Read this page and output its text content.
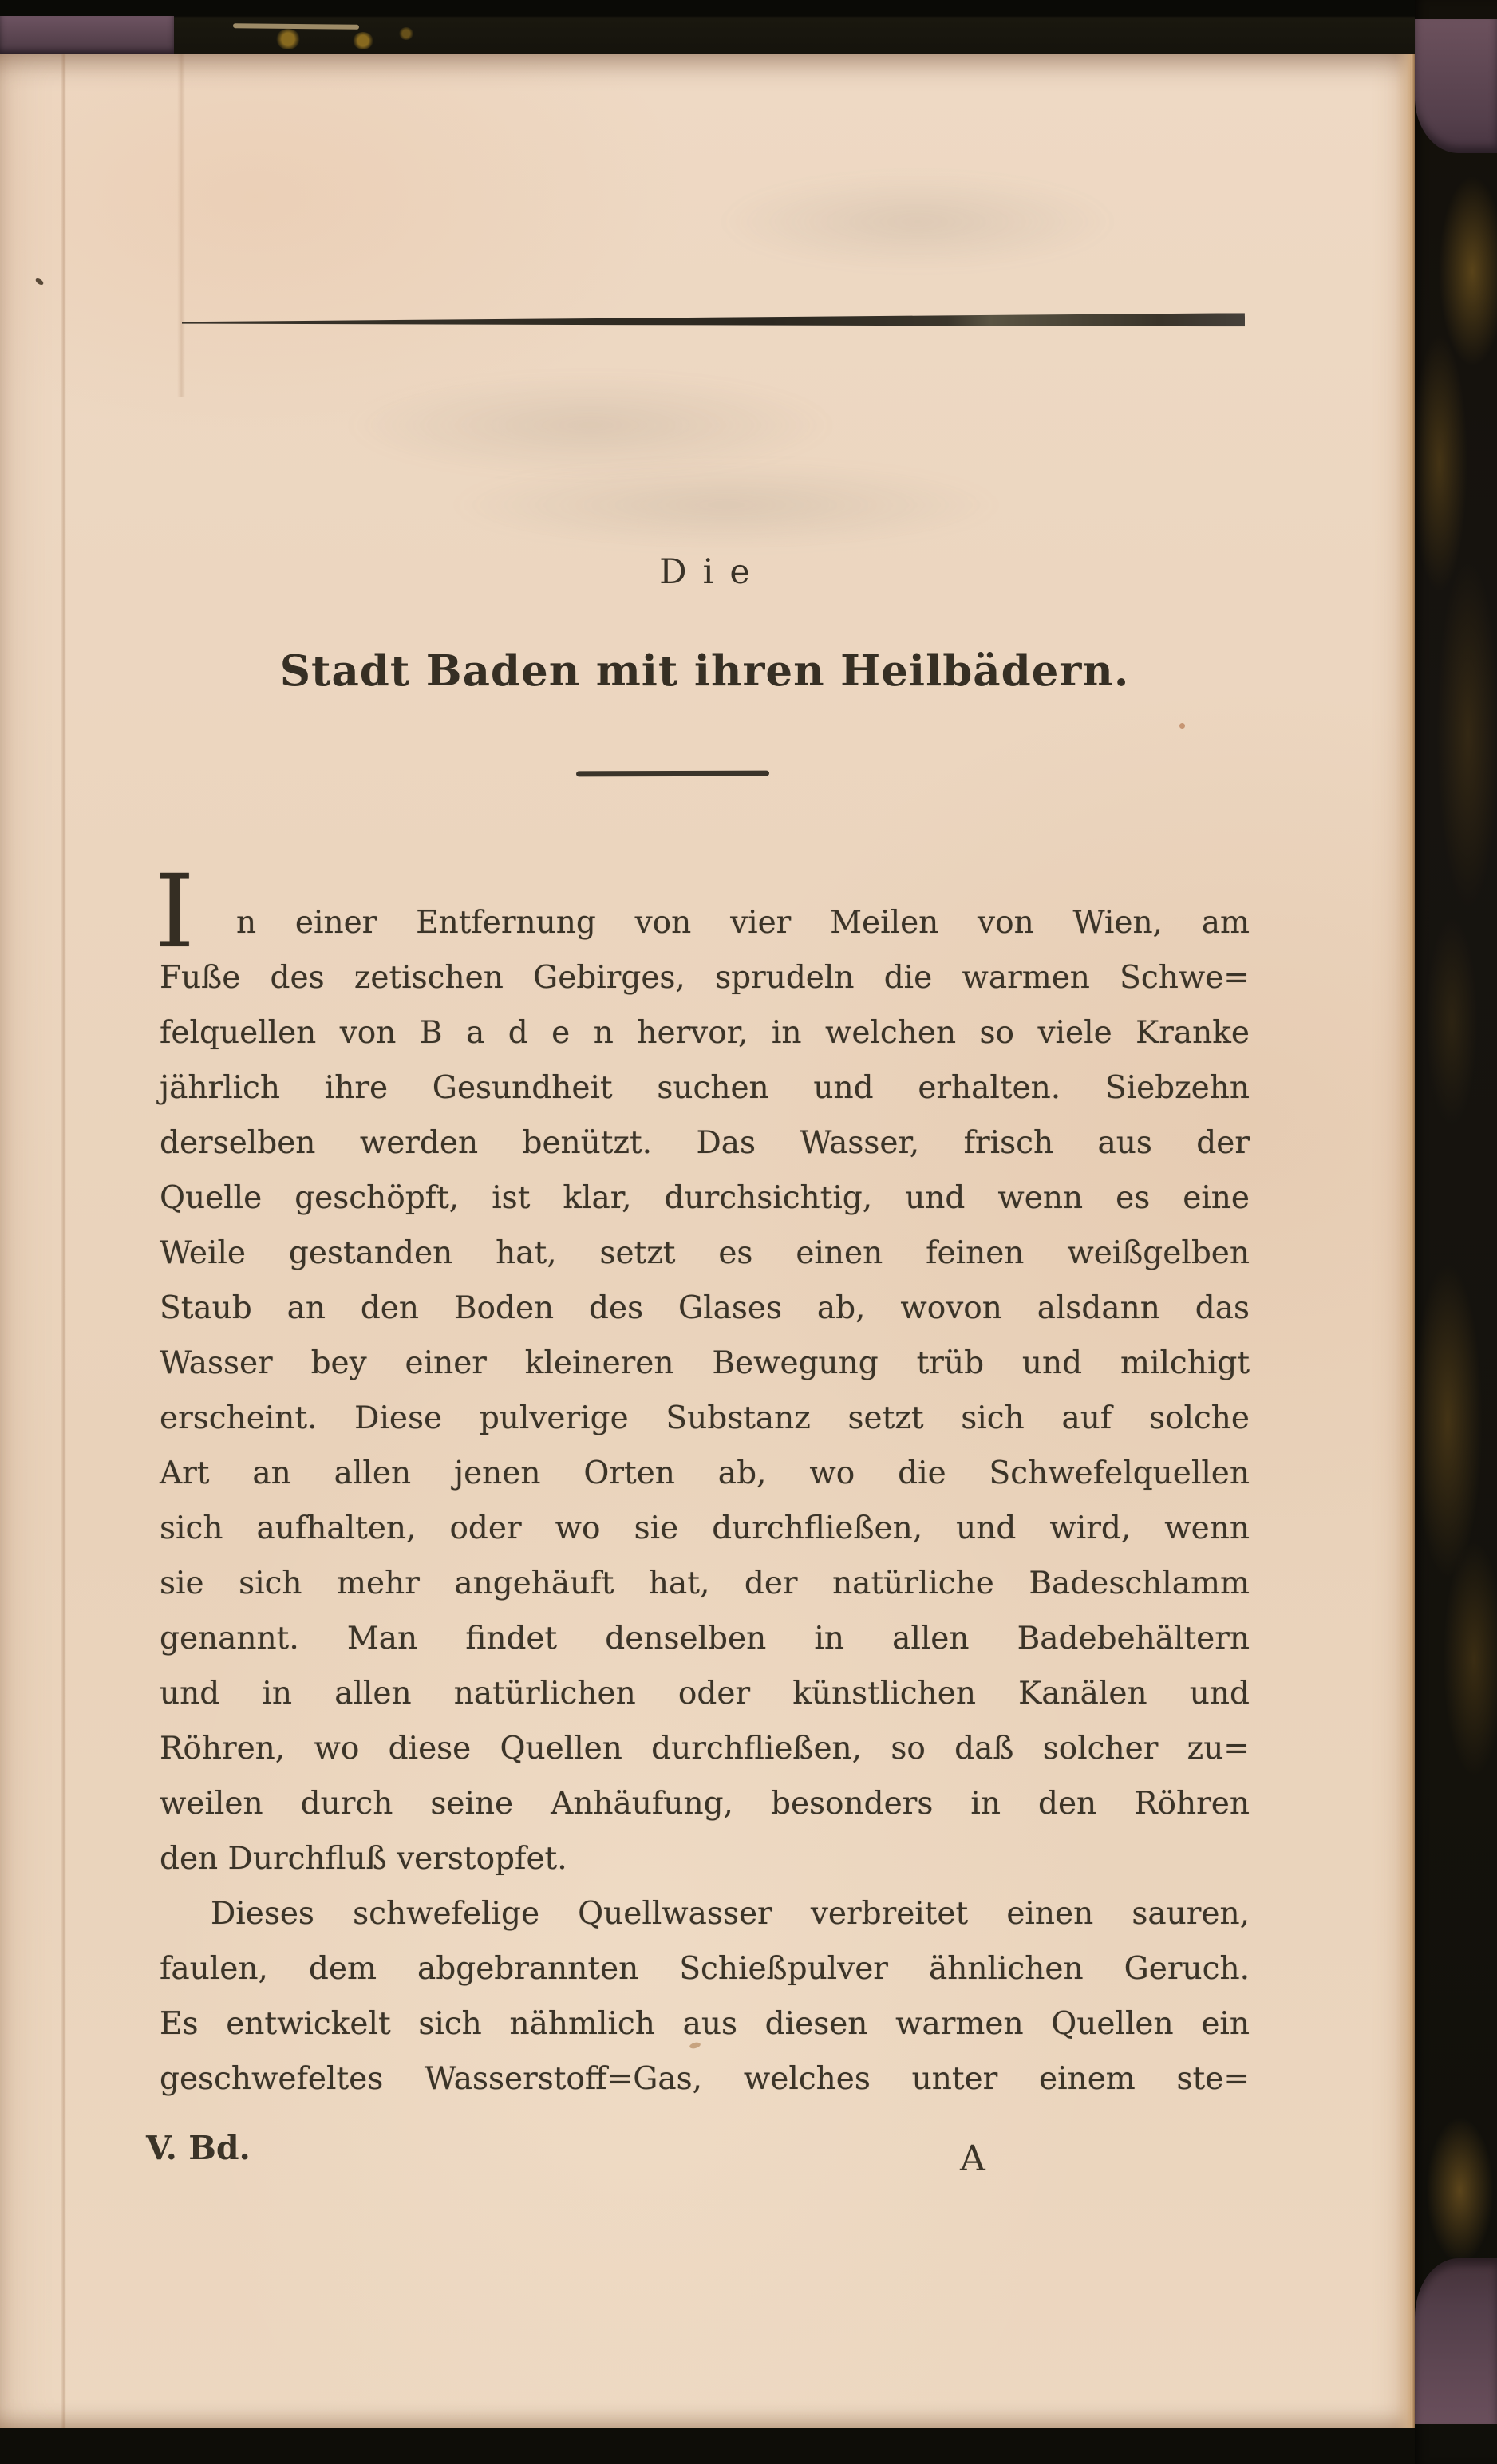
Die
Stadt Baden mit ihren Heilbädern.
I n einer Entfernung von vier Meilen von Wien, am
Fuße des zetischen Gebirges, sprudeln die warmen Schwe=
felquellen von B a d e n hervor, in welchen so viele Kranke
jährlich ihre Gesundheit suchen und erhalten. Siebzehn
derselben werden benützt. Das Wasser, frisch aus der
Quelle geschöpft, ist klar, durchsichtig, und wenn es eine
Weile gestanden hat, setzt es einen feinen weißgelben
Staub an den Boden des Glases ab, wovon alsdann das
Wasser bey einer kleineren Bewegung trüb und milchigt
erscheint. Diese pulverige Substanz setzt sich auf solche
Art an allen jenen Orten ab, wo die Schwefelquellen
sich aufhalten, oder wo sie durchfließen, und wird, wenn
sie sich mehr angehäuft hat, der natürliche Badeschlamm
genannt. Man findet denselben in allen Badebehältern
und in allen natürlichen oder künstlichen Kanälen und
Röhren, wo diese Quellen durchfließen, so daß solcher zu=
weilen durch seine Anhäufung, besonders in den Röhren
den Durchfluß verstopfet.
Dieses schwefelige Quellwasser verbreitet einen sauren,
faulen, dem abgebrannten Schießpulver ähnlichen Geruch.
Es entwickelt sich nähmlich aus diesen warmen Quellen ein
geschwefeltes Wasserstoff=Gas, welches unter einem ste=
V. Bd.	A
